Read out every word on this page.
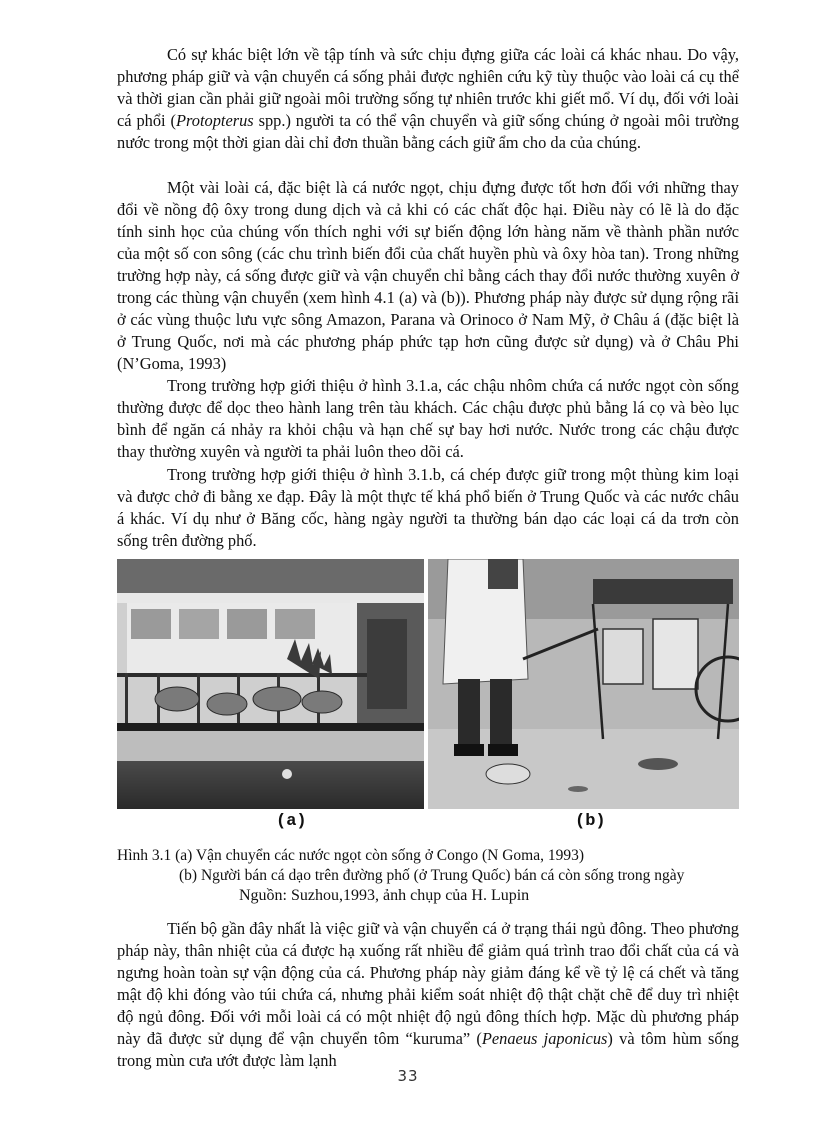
Có sự khác biệt lớn về tập tính và sức chịu đựng giữa các loài cá khác nhau. Do vậy, phương pháp giữ và vận chuyển cá sống phải được nghiên cứu kỹ tùy thuộc vào loài cá cụ thể và thời gian cần phải giữ ngoài môi trường sống tự nhiên trước khi giết mổ. Ví dụ, đối với loài cá phổi (Protopterus spp.) người ta có thể vận chuyển và giữ sống chúng ở ngoài môi trường nước trong một thời gian dài chỉ đơn thuần bằng cách giữ ẩm cho da của chúng.

Một vài loài cá, đặc biệt là cá nước ngọt, chịu đựng được tốt hơn đối với những thay đổi về nồng độ ôxy trong dung dịch và cả khi có các chất độc hại. Điều này có lẽ là do đặc tính sinh học của chúng vốn thích nghi với sự biến động lớn hàng năm về thành phần nước của một số con sông (các chu trình biến đổi của chất huyền phù và ôxy hòa tan). Trong những trường hợp này, cá sống được giữ và vận chuyển chỉ bằng cách thay đổi nước thường xuyên ở trong các thùng vận chuyển (xem hình 4.1 (a) và (b)). Phương pháp này được sử dụng rộng rãi ở các vùng thuộc lưu vực sông Amazon, Parana và Orinoco ở Nam Mỹ, ở Châu á (đặc biệt là ở Trung Quốc, nơi mà các phương pháp phức tạp hơn cũng được sử dụng) và ở Châu Phi (N’Goma, 1993)

Trong trường hợp giới thiệu ở hình 3.1.a, các chậu nhôm chứa cá nước ngọt còn sống thường được để dọc theo hành lang trên tàu khách. Các chậu được phủ bằng lá cọ và bèo lục bình để ngăn cá nhảy ra khỏi chậu và hạn chế sự bay hơi nước. Nước trong các chậu được thay thường xuyên và người ta phải luôn theo dõi cá.

Trong trường hợp giới thiệu ở hình 3.1.b, cá chép được giữ trong một thùng kim loại và được chở đi bằng xe đạp. Đây là một thực tế khá phổ biến ở Trung Quốc và các nước châu á khác. Ví dụ như ở Băng cốc, hàng ngày người ta thường bán dạo các loại cá da trơn còn sống trên đường phố.

(a)	(b)

Hình 3.1 (a) Vận chuyển các nước ngọt còn sống ở Congo (N Goma, 1993)

(b) Người bán cá dạo trên đường phố (ở Trung Quốc) bán cá còn sống trong ngày

Nguồn: Suzhou,1993, ảnh chụp của H. Lupin

Tiến bộ gần đây nhất là việc giữ và vận chuyển cá ở trạng thái ngủ đông. Theo phương pháp này, thân nhiệt của cá được hạ xuống rất nhiều để giảm quá trình trao đổi chất của cá và ngưng hoàn toàn sự vận động của cá. Phương pháp này giảm đáng kể về tỷ lệ cá chết và tăng mật độ khi đóng vào túi chứa cá, nhưng phải kiểm soát nhiệt độ thật chặt chẽ để duy trì nhiệt độ ngủ đông. Đối với mỗi loài cá có một nhiệt độ ngủ đông thích hợp. Mặc dù phương pháp này đã được sử dụng để vận chuyển tôm “kuruma” (Penaeus japonicus) và tôm hùm sống trong mùn cưa ướt được làm lạnh

33
